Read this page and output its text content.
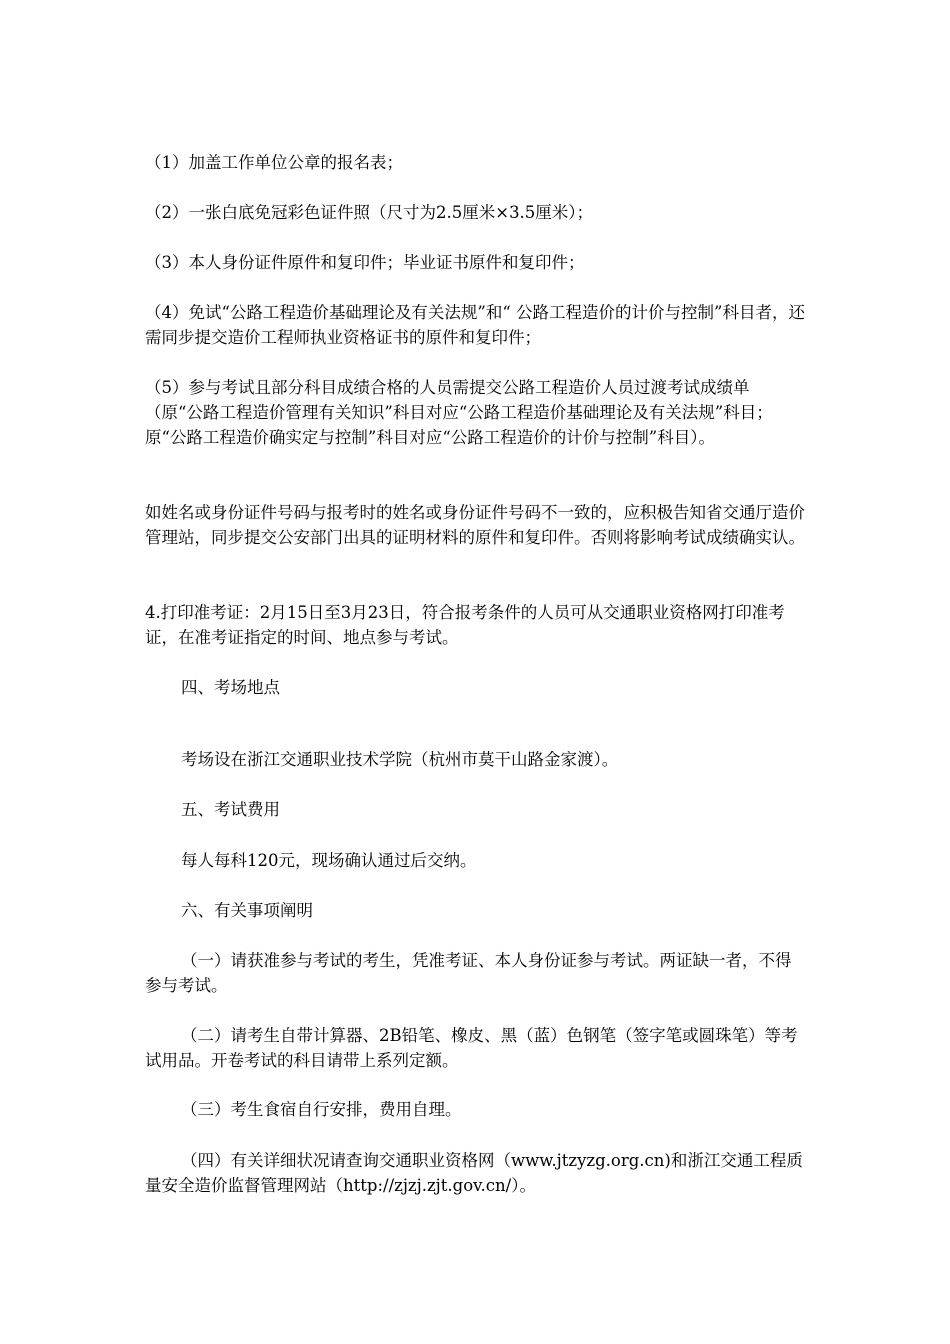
（1）加盖工作单位公章的报名表；

（2）一张白底免冠彩色证件照（尺寸为2.5厘米×3.5厘米）；

（3）本人身份证件原件和复印件；毕业证书原件和复印件；

（4）免试“公路工程造价基础理论及有关法规”和“ 公路工程造价的计价与控制”科目者，还需同步提交造价工程师执业资格证书的原件和复印件；

（5）参与考试且部分科目成绩合格的人员需提交公路工程造价人员过渡考试成绩单（原“公路工程造价管理有关知识”科目对应“公路工程造价基础理论及有关法规”科目；原“公路工程造价确实定与控制”科目对应“公路工程造价的计价与控制”科目）。

如姓名或身份证件号码与报考时的姓名或身份证件号码不一致的，应积极告知省交通厅造价管理站，同步提交公安部门出具的证明材料的原件和复印件。否则将影响考试成绩确实认。

4.打印准考证：2月15日至3月23日，符合报考条件的人员可从交通职业资格网打印准考证，在准考证指定的时间、地点参与考试。

四、考场地点

考场设在浙江交通职业技术学院（杭州市莫干山路金家渡）。

五、考试费用

每人每科120元，现场确认通过后交纳。

六、有关事项阐明

（一）请获准参与考试的考生，凭准考证、本人身份证参与考试。两证缺一者，不得参与考试。

（二）请考生自带计算器、2B铅笔、橡皮、黑（蓝）色钢笔（签字笔或圆珠笔）等考试用品。开卷考试的科目请带上系列定额。

（三）考生食宿自行安排，费用自理。

（四）有关详细状况请查询交通职业资格网（www.jtzyzg.org.cn)和浙江交通工程质量安全造价监督管理网站（http://zjzj.zjt.gov.cn/）。
